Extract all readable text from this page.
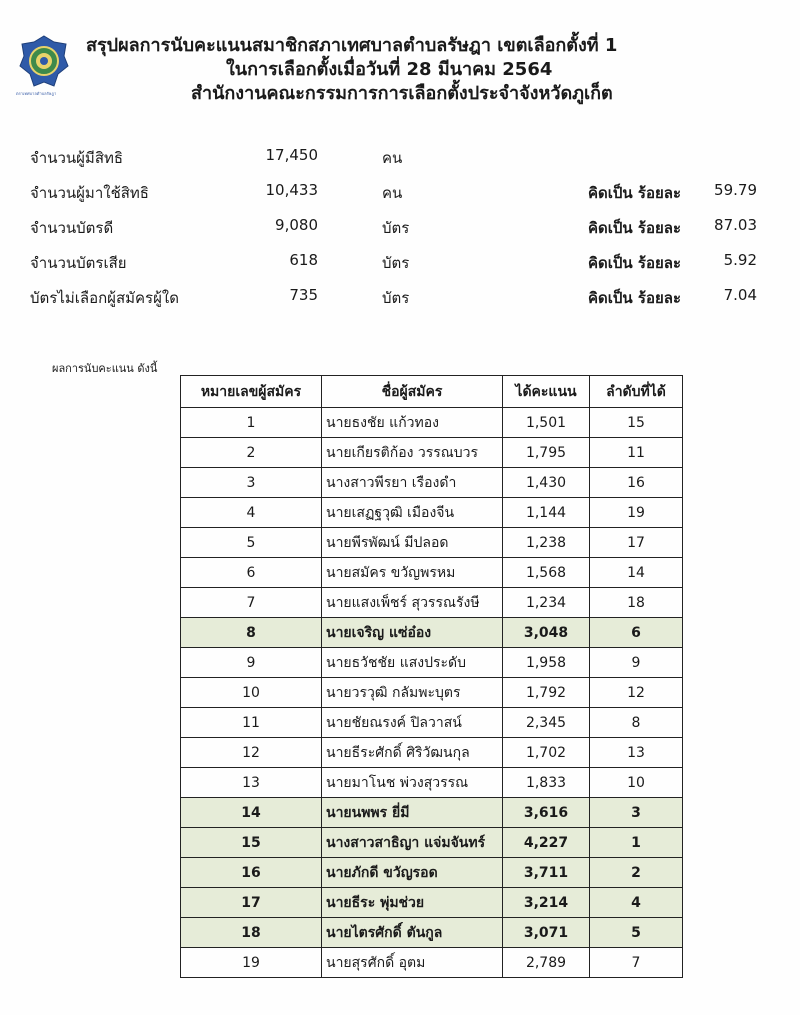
ตราเทศบาลตำบลรัษฎา
สรุปผลการนับคะแนนสมาชิกสภาเทศบาลตำบลรัษฎา เขตเลือกตั้งที่ 1
ในการเลือกตั้งเมื่อวันที่ 28 มีนาคม 2564
สำนักงานคณะกรรมการการเลือกตั้งประจำจังหวัดภูเก็ต
จำนวนผู้มีสิทธิ	17,450	คน
จำนวนผู้มาใช้สิทธิ	10,433	คน	คิดเป็น ร้อยละ	59.79
จำนวนบัตรดี	9,080	บัตร	คิดเป็น ร้อยละ	87.03
จำนวนบัตรเสีย	618	บัตร	คิดเป็น ร้อยละ	5.92
บัตรไม่เลือกผู้สมัครผู้ใด	735	บัตร	คิดเป็น ร้อยละ	7.04
ผลการนับคะแนน ดังนี้
หมายเลขผู้สมัคร	ชื่อผู้สมัคร	ได้คะแนน	ลำดับที่ได้
1	นายธงชัย แก้วทอง	1,501	15
2	นายเกียรติก้อง วรรณบวร	1,795	11
3	นางสาวพีรยา เรืองดำ	1,430	16
4	นายเสฏฐวุฒิ เมืองจีน	1,144	19
5	นายพีรพัฒน์ มีปลอด	1,238	17
6	นายสมัคร ขวัญพรหม	1,568	14
7	นายแสงเพ็ชร์ สุวรรณรังษี	1,234	18
8	นายเจริญ แซ่อ๋อง	3,048	6
9	นายธวัชชัย แสงประดับ	1,958	9
10	นายวรวุฒิ กลัมพะบุตร	1,792	12
11	นายชัยณรงค์ ปิลวาสน์	2,345	8
12	นายธีระศักดิ์ ศิริวัฒนกุล	1,702	13
13	นายมาโนช พ่วงสุวรรณ	1,833	10
14	นายนพพร ยี่มี	3,616	3
15	นางสาวสาธิญา แจ่มจันทร์	4,227	1
16	นายภักดี ขวัญรอด	3,711	2
17	นายธีระ พุ่มช่วย	3,214	4
18	นายไตรศักดิ์ ตันกูล	3,071	5
19	นายสุรศักดิ์ อุตม	2,789	7
